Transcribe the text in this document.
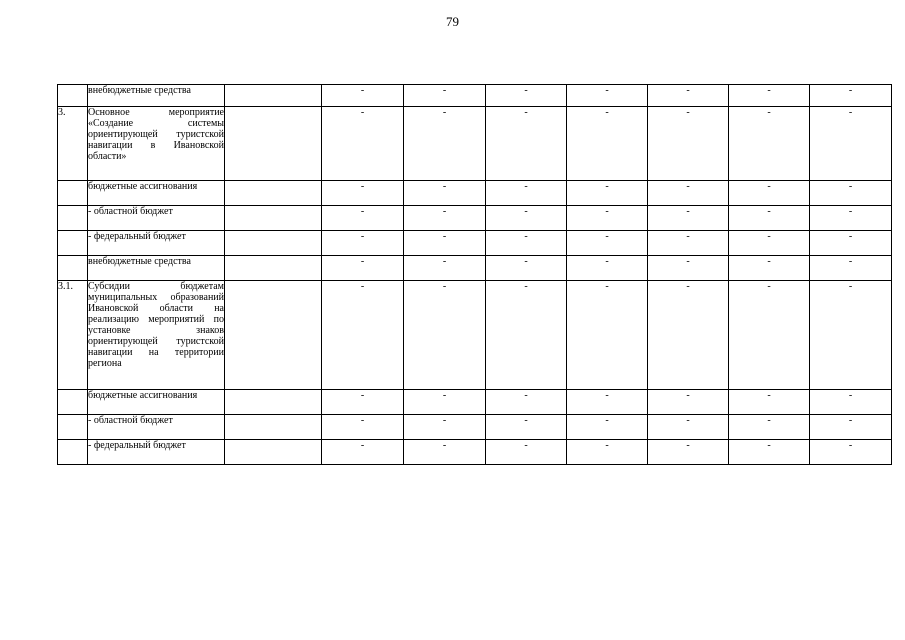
79
	внебюджетные средства		-	-	-	-	-	-	-
3.	Основное мероприятие «Создание системы ориентирующей туристской навигации в Ивановской области»		-	-	-	-	-	-	-
	бюджетные ассигнования		-	-	-	-	-	-	-
	- областной бюджет		-	-	-	-	-	-	-
	- федеральный бюджет		-	-	-	-	-	-	-
	внебюджетные средства		-	-	-	-	-	-	-
3.1.	Субсидии бюджетам муниципальных образований Ивановской области на реализацию мероприятий по установке знаков ориентирующей туристской навигации на территории региона		-	-	-	-	-	-	-
	бюджетные ассигнования		-	-	-	-	-	-	-
	- областной бюджет		-	-	-	-	-	-	-
	- федеральный бюджет		-	-	-	-	-	-	-
